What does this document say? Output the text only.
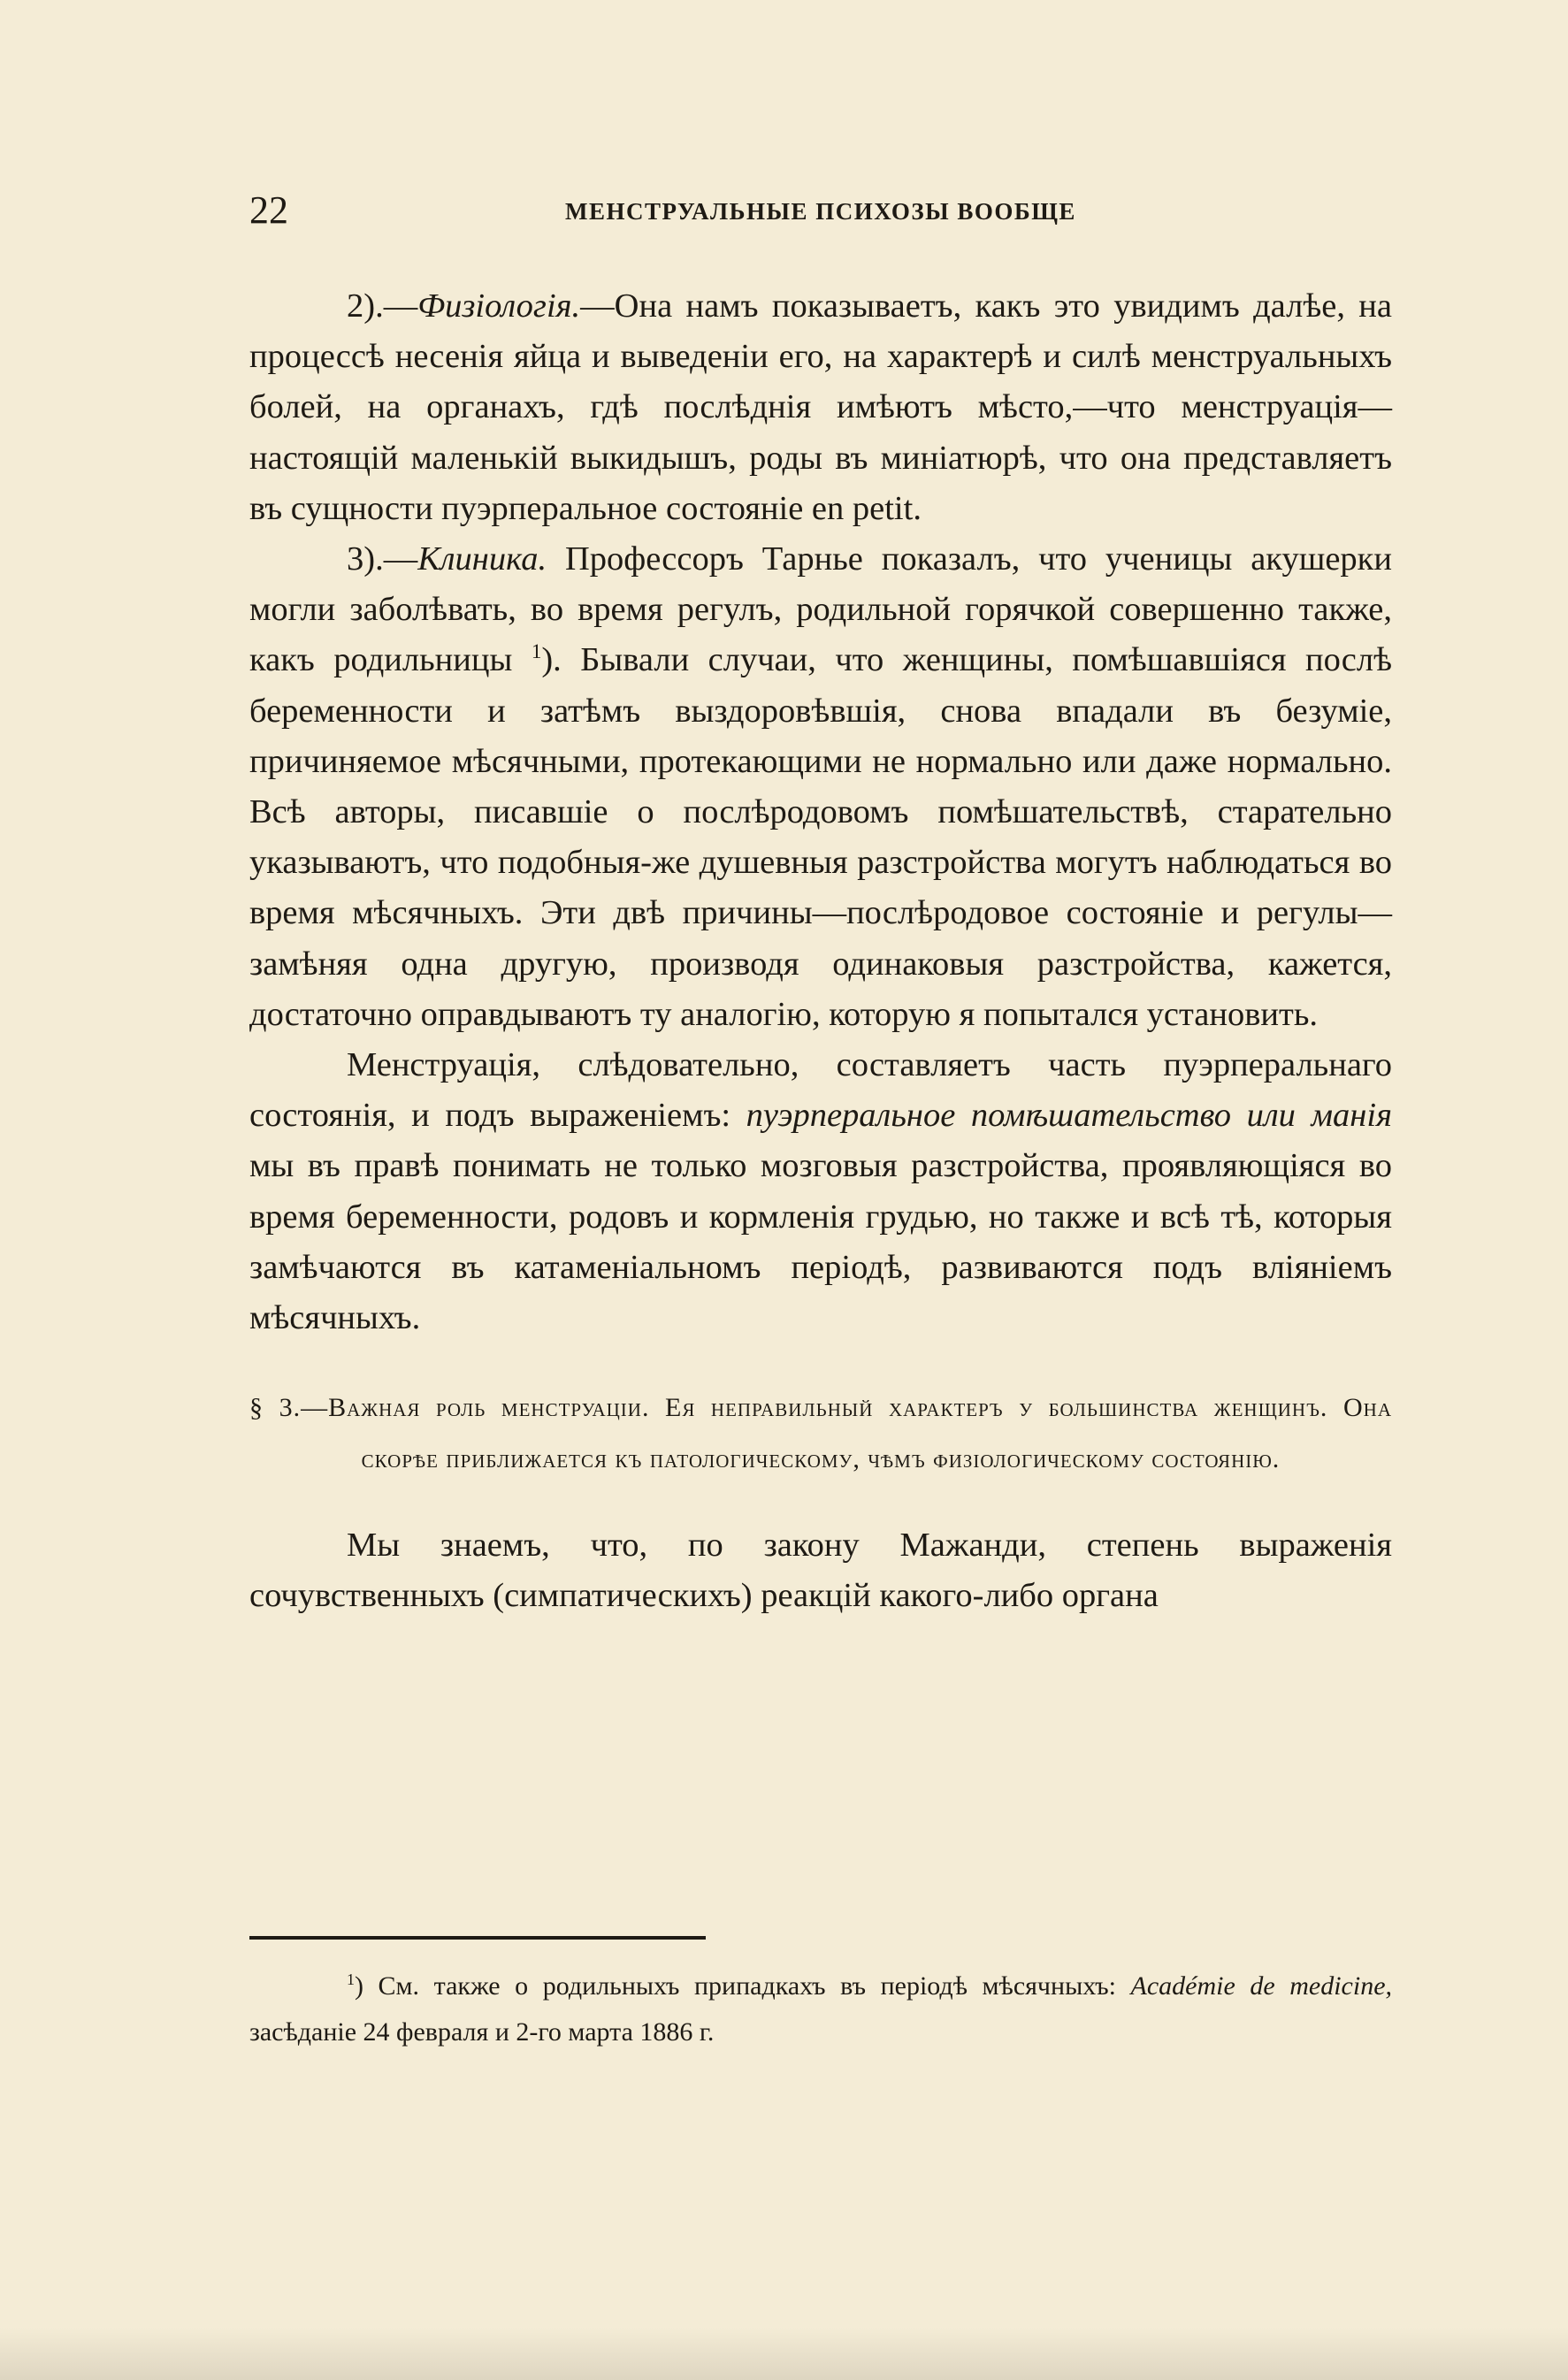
22	МЕНСТРУАЛЬНЫЕ ПСИХОЗЫ ВООБЩЕ

2).—Физіологія.—Она намъ показываетъ, какъ это увидимъ далѣе, на процессѣ несенія яйца и выведеніи его, на характерѣ и силѣ менструальныхъ болей, на органахъ, гдѣ послѣднія имѣютъ мѣсто,—что менструація—настоящій маленькій выкидышъ, роды въ миніатюрѣ, что она представляетъ въ сущности пуэрперальное состояніе en petit.

3).—Клиника. Профессоръ Тарнье показалъ, что ученицы акушерки могли заболѣвать, во время регулъ, родильной горячкой совершенно также, какъ родильницы $^1$). Бывали случаи, что женщины, помѣшавшіяся послѣ беременности и затѣмъ выздоровѣвшія, снова впадали въ безуміе, причиняемое мѣсячными, протекающими не нормально или даже нормально. Всѣ авторы, писавшіе о послѣродовомъ помѣшательствѣ, старательно указываютъ, что подобныя-же душевныя разстройства могутъ наблюдаться во время мѣсячныхъ. Эти двѣ причины—послѣродовое состояніе и регулы—замѣняя одна другую, производя одинаковыя разстройства, кажется, достаточно оправдываютъ ту аналогію, которую я попытался установить.

Менструація, слѣдовательно, составляетъ часть пуэрперальнаго состоянія, и подъ выраженіемъ: пуэрперальное помѣшательство или манія мы въ правѣ понимать не только мозговыя разстройства, проявляющіяся во время беременности, родовъ и кормленія грудью, но также и всѣ тѣ, которыя замѣчаются въ катаменіальномъ періодѣ, развиваются подъ вліяніемъ мѣсячныхъ.

§ 3.—Важная роль менструаціи. Ея неправильный характеръ у большинства женщинъ. Она скорѣе приближается къ патологическому, чѣмъ физіологическому состоянію.

Мы знаемъ, что, по закону Мажанди, степень выраженія сочувственныхъ (симпатическихъ) реакцій какого-либо органа

$^1$) См. также о родильныхъ припадкахъ въ періодѣ мѣсячныхъ: Académie de medicine, засѣданіе 24 февраля и 2-го марта 1886 г.
